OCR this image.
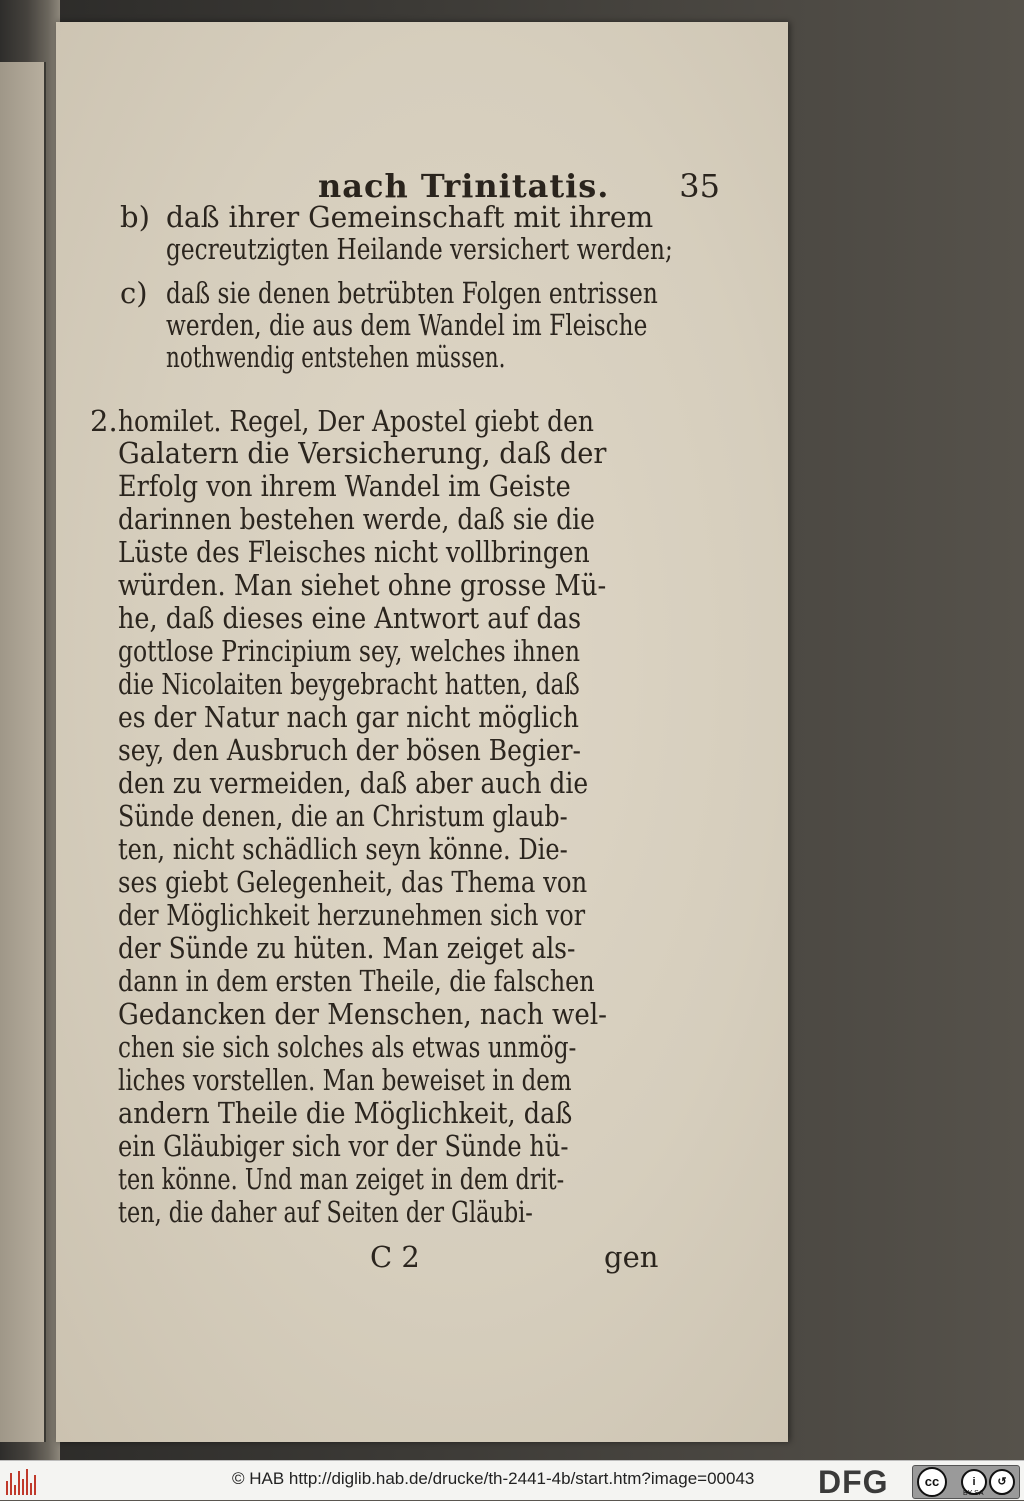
nach Trinitatis. 35
b) daß ihrer Gemeinschaft mit ihrem
gecreutzigten Heilande versichert werden;
c) daß sie denen betrübten Folgen entrissen
werden, die aus dem Wandel im Fleische
nothwendig entstehen müssen.
2. homilet. Regel, Der Apostel giebt den
Galatern die Versicherung, daß der
Erfolg von ihrem Wandel im Geiste
darinnen bestehen werde, daß sie die
Lüste des Fleisches nicht vollbringen
würden. Man siehet ohne grosse Mü-
he, daß dieses eine Antwort auf das
gottlose Principium sey, welches ihnen
die Nicolaiten beygebracht hatten, daß
es der Natur nach gar nicht möglich
sey, den Ausbruch der bösen Begier-
den zu vermeiden, daß aber auch die
Sünde denen, die an Christum glaub-
ten, nicht schädlich seyn könne. Die-
ses giebt Gelegenheit, das Thema von
der Möglichkeit herzunehmen sich vor
der Sünde zu hüten. Man zeiget als-
dann in dem ersten Theile, die falschen
Gedancken der Menschen, nach wel-
chen sie sich solches als etwas unmög-
liches vorstellen. Man beweiset in dem
andern Theile die Möglichkeit, daß
ein Gläubiger sich vor der Sünde hü-
ten könne. Und man zeiget in dem drit-
ten, die daher auf Seiten der Gläubi-
C 2	gen
© HAB http://diglib.hab.de/drucke/th-2441-4b/start.htm?image=00043 DFG	cc	i	↺
BY SA
